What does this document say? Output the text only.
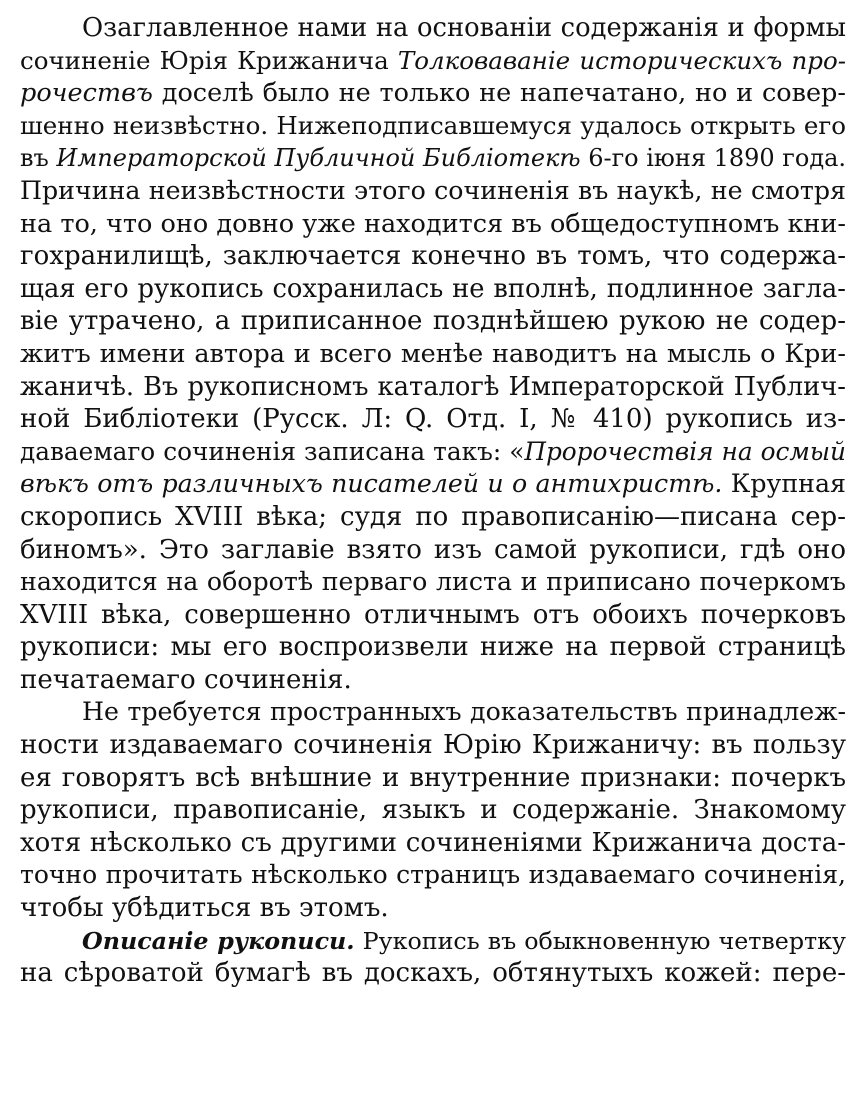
Озаглавленное нами на основанiи содержанiя и формы
сочиненiе Юрiя Крижанича Толковаванiе историческихъ про-
рочествъ доселѣ было не только не напечатано, но и совер-
шенно неизвѣстно. Нижеподписавшемуся удалось открыть его
въ Императорской Публичной Библiотекѣ 6-го iюня 1890 года.
Причина неизвѣстности этого сочиненiя въ наукѣ, не смотря
на то, что оно довно уже находится въ общедоступномъ кни-
гохранилищѣ, заключается конечно въ томъ, что содержа-
щая его рукопись сохранилась не вполнѣ, подлинное загла-
вiе утрачено, а приписанное позднѣйшею рукою не содер-
житъ имени автора и всего менѣе наводитъ на мысль о Кри-
жаничѣ. Въ рукописномъ каталогѣ Императорской Публич-
ной Библiотеки (Русск. Л: Q. Отд. I, № 410) рукопись из-
даваемаго сочиненiя записана такъ: «Пророчествiя на осмый
вѣкъ отъ различныхъ писателей и о антихристѣ. Крупная
скоропись XVIII вѣка; судя по правописанiю—писана сер-
биномъ». Это заглавiе взято изъ самой рукописи, гдѣ оно
находится на оборотѣ перваго листа и приписано почеркомъ
XVIII вѣка, совершенно отличнымъ отъ обоихъ почерковъ
рукописи: мы его воспроизвели ниже на первой страницѣ
печатаемаго сочиненiя.
Не требуется пространныхъ доказательствъ принадлеж-
ности издаваемаго сочиненiя Юрiю Крижаничу: въ пользу
ея говорятъ всѣ внѣшние и внутренние признаки: почеркъ
рукописи, правописанiе, языкъ и содержанiе. Знакомому
хотя нѣсколько съ другими сочиненiями Крижанича доста-
точно прочитать нѣсколько страницъ издаваемаго сочиненiя,
чтобы убѣдиться въ этомъ.
Описанiе рукописи. Рукопись въ обыкновенную четвертку
на сѣроватой бумагѣ въ доскахъ, обтянутыхъ кожей: пере-
